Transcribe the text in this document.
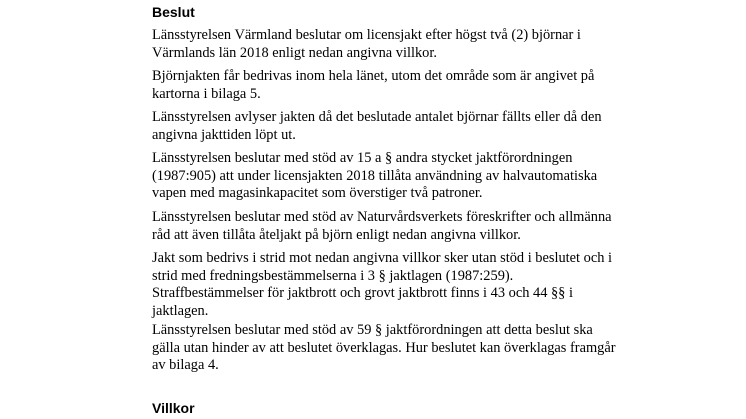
Beslut

Länsstyrelsen Värmland beslutar om licensjakt efter högst två (2) björnar i Värmlands län 2018 enligt nedan angivna villkor.

Björnjakten får bedrivas inom hela länet, utom det område som är angivet på kartorna i bilaga 5.

Länsstyrelsen avlyser jakten då det beslutade antalet björnar fällts eller då den angivna jakttiden löpt ut.

Länsstyrelsen beslutar med stöd av 15 a § andra stycket jaktförordningen (1987:905) att under licensjakten 2018 tillåta användning av halvautomatiska vapen med magasinkapacitet som överstiger två patroner.

Länsstyrelsen beslutar med stöd av Naturvårdsverkets föreskrifter och allmänna råd att även tillåta åteljakt på björn enligt nedan angivna villkor.

Jakt som bedrivs i strid mot nedan angivna villkor sker utan stöd i beslutet och i strid med fredningsbestämmelserna i 3 § jaktlagen (1987:259). Straffbestämmelser för jaktbrott och grovt jaktbrott finns i 43 och 44 §§ i jaktlagen.

Länsstyrelsen beslutar med stöd av 59 § jaktförordningen att detta beslut ska gälla utan hinder av att beslutet överklagas. Hur beslutet kan överklagas framgår av bilaga 4.

Villkor
